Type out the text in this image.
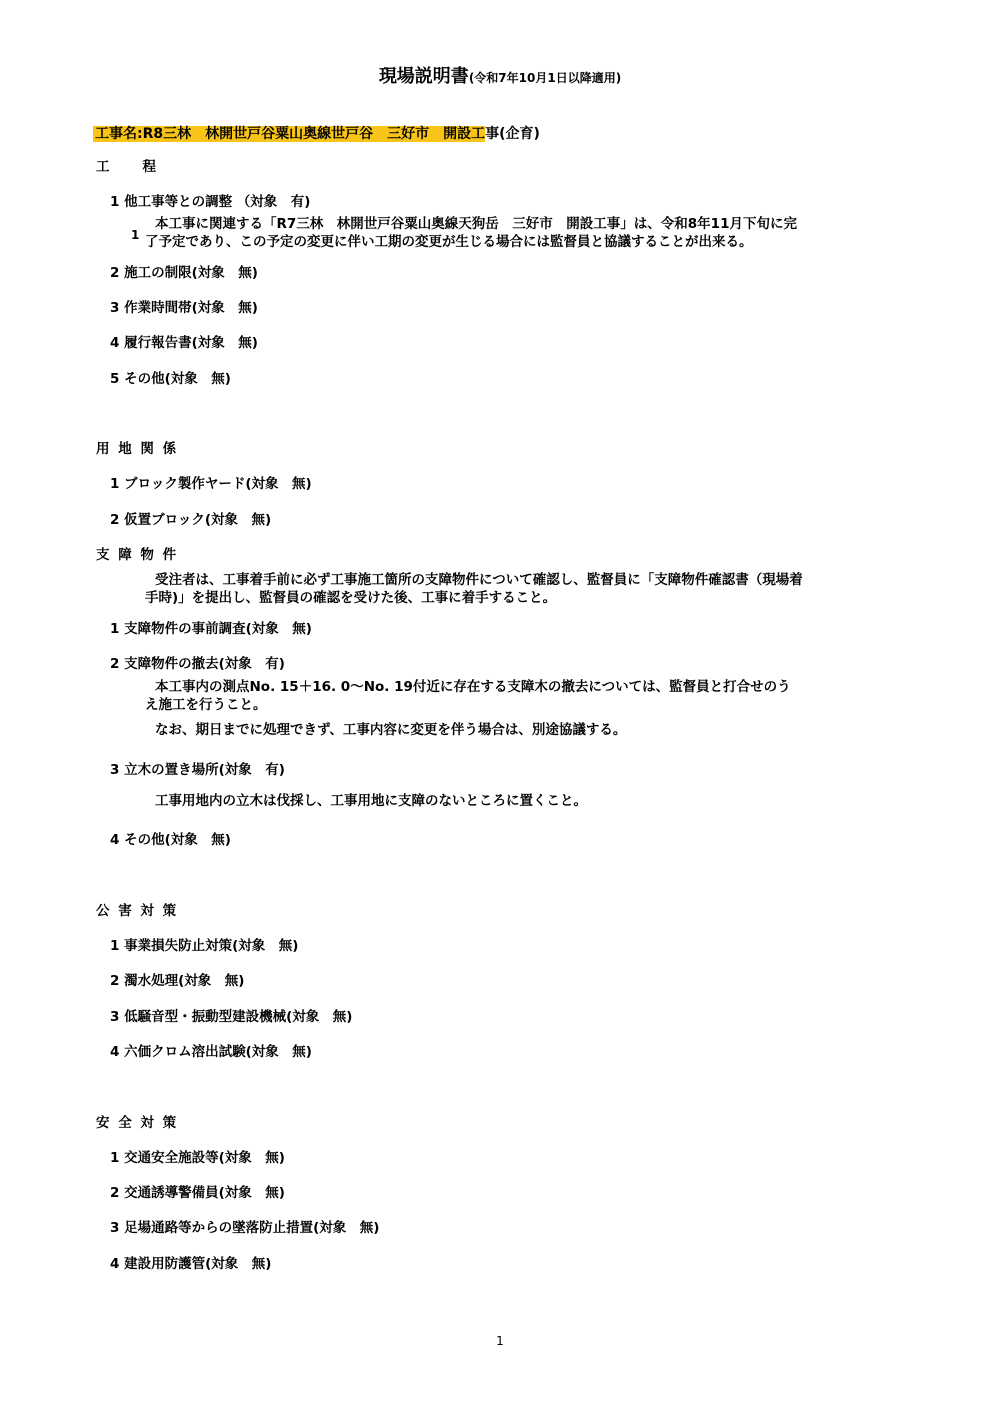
現場説明書(令和7年10月1日以降適用)
工事名:R8三林　林開世戸谷粟山奥線世戸谷　三好市　開設工事(企育)
工　　程
1 他工事等との調整 （対象　有)
1
本工事に関連する「R7三林　林開世戸谷粟山奥線天狗岳　三好市　開設工事」は、令和8年11月下旬に完
了予定であり、この予定の変更に伴い工期の変更が生じる場合には監督員と協議することが出来る。
2 施工の制限(対象　無)
3 作業時間帯(対象　無)
4 履行報告書(対象　無)
5 その他(対象　無)
用 地 関 係
1 ブロック製作ヤード(対象　無)
2 仮置ブロック(対象　無)
支 障 物 件
受注者は、工事着手前に必ず工事施工箇所の支障物件について確認し、監督員に「支障物件確認書（現場着
手時)」を提出し、監督員の確認を受けた後、工事に着手すること。
1 支障物件の事前調査(対象　無)
2 支障物件の撤去(対象　有)
本工事内の測点No. 15＋16. 0～No. 19付近に存在する支障木の撤去については、監督員と打合せのう
え施工を行うこと。
なお、期日までに処理できず、工事内容に変更を伴う場合は、別途協議する。
3 立木の置き場所(対象　有)
工事用地内の立木は伐採し、工事用地に支障のないところに置くこと。
4 その他(対象　無)
公 害 対 策
1 事業損失防止対策(対象　無)
2 濁水処理(対象　無)
3 低騒音型・振動型建設機械(対象　無)
4 六価クロム溶出試験(対象　無)
安 全 対 策
1 交通安全施設等(対象　無)
2 交通誘導警備員(対象　無)
3 足場通路等からの墜落防止措置(対象　無)
4 建設用防護管(対象　無)
1
